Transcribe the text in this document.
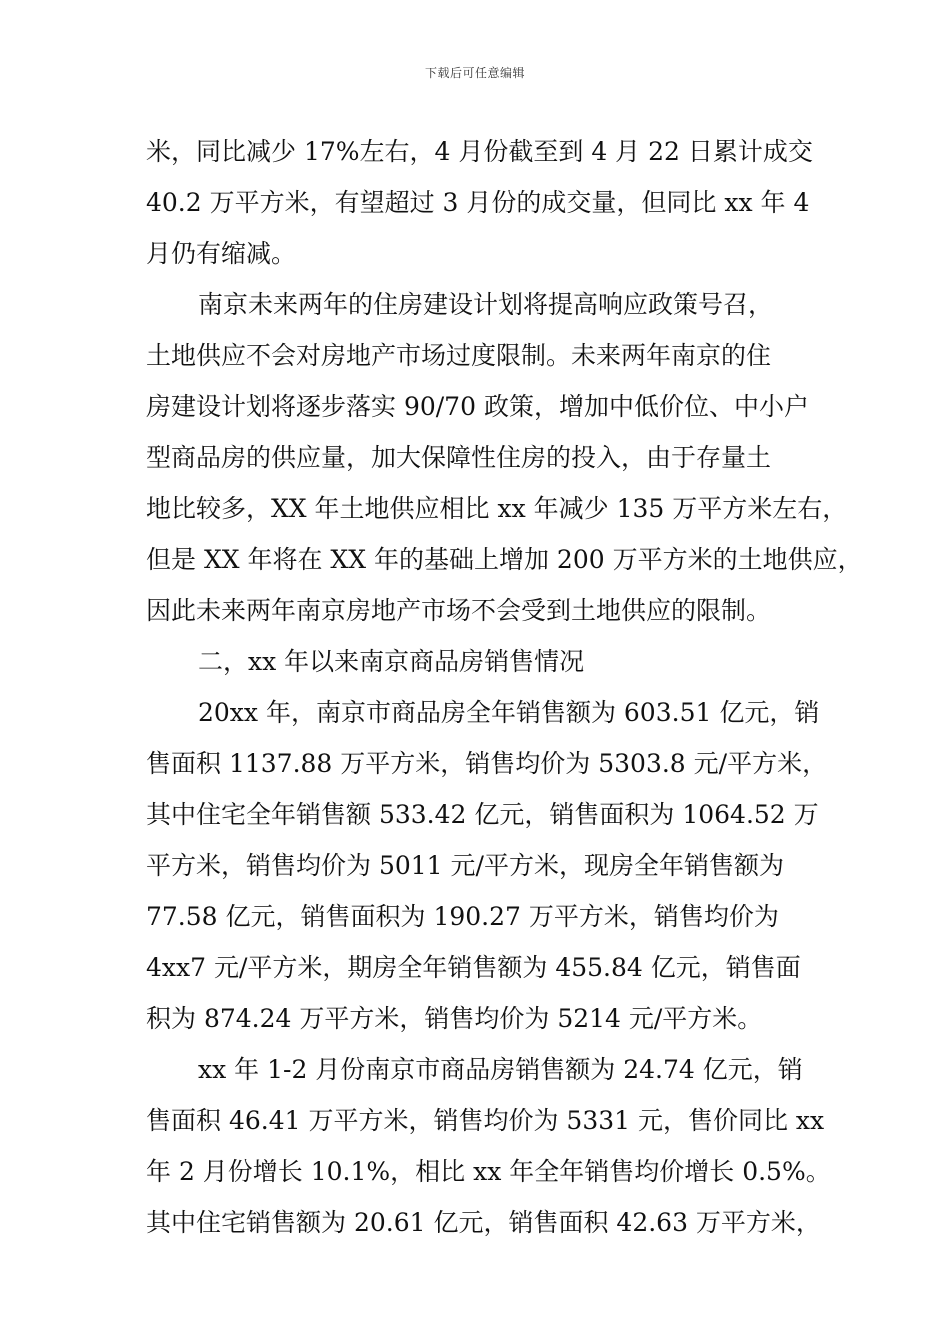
下载后可任意编辑
米，同比减少 17%左右，4 月份截至到 4 月 22 日累计成交
40.2 万平方米，有望超过 3 月份的成交量，但同比 xx 年 4
月仍有缩减。
南京未来两年的住房建设计划将提高响应政策号召，
土地供应不会对房地产市场过度限制。未来两年南京的住
房建设计划将逐步落实 90/70 政策，增加中低价位、中小户
型商品房的供应量，加大保障性住房的投入，由于存量土
地比较多，XX 年土地供应相比 xx 年减少 135 万平方米左右，
但是 XX 年将在 XX 年的基础上增加 200 万平方米的土地供应，
因此未来两年南京房地产市场不会受到土地供应的限制。
二，xx 年以来南京商品房销售情况
20xx 年，南京市商品房全年销售额为 603.51 亿元，销
售面积 1137.88 万平方米，销售均价为 5303.8 元/平方米，
其中住宅全年销售额 533.42 亿元，销售面积为 1064.52 万
平方米，销售均价为 5011 元/平方米，现房全年销售额为
77.58 亿元，销售面积为 190.27 万平方米，销售均价为
4xx7 元/平方米，期房全年销售额为 455.84 亿元，销售面
积为 874.24 万平方米，销售均价为 5214 元/平方米。
xx 年 1-2 月份南京市商品房销售额为 24.74 亿元，销
售面积 46.41 万平方米，销售均价为 5331 元，售价同比 xx
年 2 月份增长 10.1%，相比 xx 年全年销售均价增长 0.5%。
其中住宅销售额为 20.61 亿元，销售面积 42.63 万平方米，
